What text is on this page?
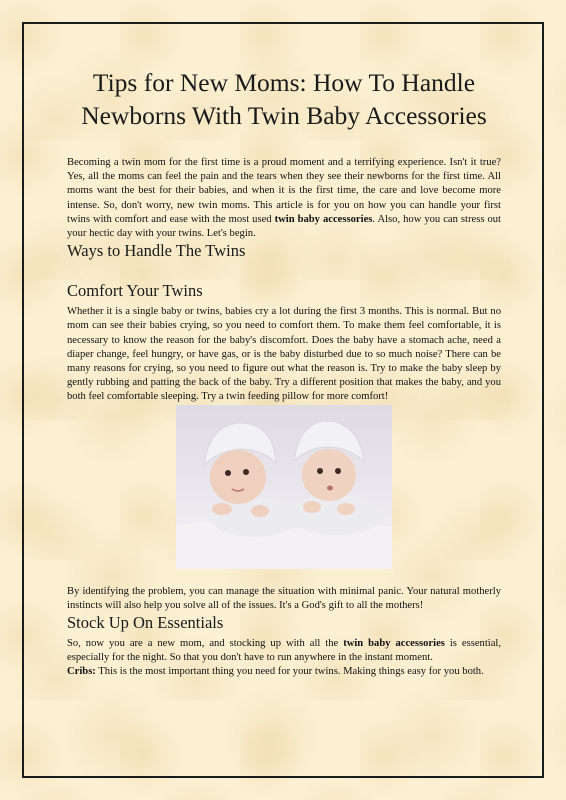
Tips for New Moms: How To Handle Newborns With Twin Baby Accessories

Becoming a twin mom for the first time is a proud moment and a terrifying experience. Isn't it true? Yes, all the moms can feel the pain and the tears when they see their newborns for the first time. All moms want the best for their babies, and when it is the first time, the care and love become more intense. So, don't worry, new twin moms. This article is for you on how you can handle your first twins with comfort and ease with the most used twin baby accessories. Also, how you can stress out your hectic day with your twins. Let's begin.

Ways to Handle The Twins
Comfort Your Twins

Whether it is a single baby or twins, babies cry a lot during the first 3 months. This is normal. But no mom can see their babies crying, so you need to comfort them. To make them feel comfortable, it is necessary to know the reason for the baby's discomfort. Does the baby have a stomach ache, need a diaper change, feel hungry, or have gas, or is the baby disturbed due to so much noise? There can be many reasons for crying, so you need to figure out what the reason is. Try to make the baby sleep by gently rubbing and patting the back of the baby. Try a different position that makes the baby, and you both feel comfortable sleeping. Try a twin feeding pillow for more comfort!

By identifying the problem, you can manage the situation with minimal panic. Your natural motherly instincts will also help you solve all of the issues. It's a God's gift to all the mothers!

Stock Up On Essentials

So, now you are a new mom, and stocking up with all the twin baby accessories is essential, especially for the night. So that you don't have to run anywhere in the instant moment.

Cribs: This is the most important thing you need for your twins. Making things easy for you both.
